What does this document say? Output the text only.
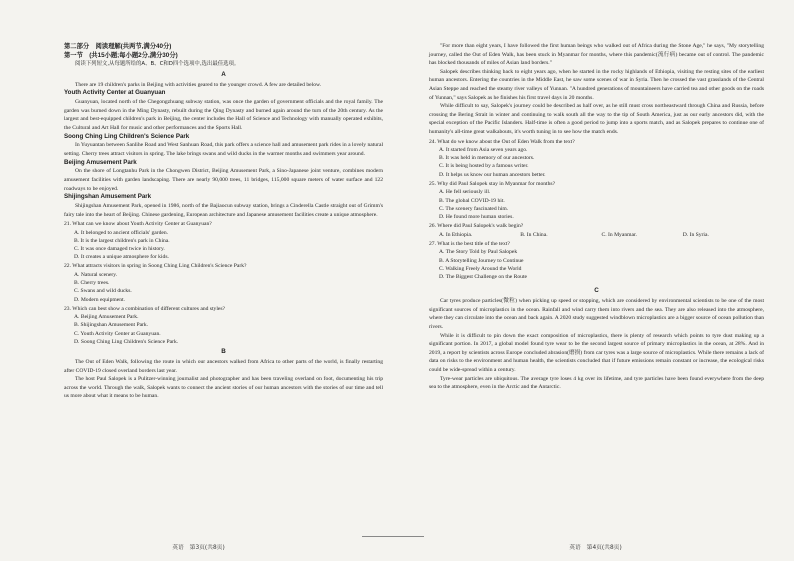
第二部分　阅读理解(共两节,满分40分)

第一节　(共15小题;每小题2分,满分30分)

阅读下列短文,从每题所给的A、B、C和D四个选项中,选出最佳选项。

A

There are 19 children's parks in Beijing with activities geared to the younger crowd. A few are detailed below.

Youth Activity Center at Guanyuan

Guanyuan, located north of the Chegongzhuang subway station, was once the garden of government officials and the royal family. The garden was burned down in the Ming Dynasty, rebuilt during the Qing Dynasty and burned again around the turn of the 20th century. As the largest and best-equipped children's park in Beijing, the center includes the Hall of Science and Technology with manually operated exhibits, the Cultural and Art Hall for music and other performances and the Sports Hall.

Soong Ching Ling Children's Science Park

In Yuyuantan between Sanlihe Road and West Sanhuan Road, this park offers a science hall and amusement park rides in a lovely natural setting. Cherry trees attract visitors in spring. The lake brings swans and wild ducks in the warmer months and swimmers year around.

Beijing Amusement Park

On the shore of Longtanhu Park in the Chongwen District, Beijing Amusement Park, a Sino-Japanese joint venture, combines modern amusement facilities with garden landscaping. There are nearly 90,000 trees, 11 bridges, 115,000 square meters of water surface and 122 roadways to be enjoyed.

Shijingshan Amusement Park

Shijingshan Amusement Park, opened in 1986, north of the Bajiaocun subway station, brings a Cinderella Castle straight out of Grimm's fairy tale into the heart of Beijing. Chinese gardening, European architecture and Japanese amusement facilities create a unique atmosphere.

21. What can we know about Youth Activity Center at Guanyuan?

A. It belonged to ancient officials' garden.

B. It is the largest children's park in China.

C. It was once damaged twice in history.

D. It creates a unique atmosphere for kids.

22. What attracts visitors in spring in Soong Ching Ling Children's Science Park?

A. Natural scenery.

B. Cherry trees.

C. Swans and wild ducks.

D. Modern equipment.

23. Which can best show a combination of different cultures and styles?

A. Beijing Amusement Park.

B. Shijingshan Amusement Park.

C. Youth Activity Center at Guanyuan.

D. Soong Ching Ling Children's Science Park.

B

The Out of Eden Walk, following the route in which our ancestors walked from Africa to other parts of the world, is finally restarting after COVID-19 closed overland borders last year.

The host Paul Salopek is a Pulitzer-winning journalist and photographer and has been traveling overland on foot, documenting his trip across the world. Through the walk, Salopek wants to connect the ancient stories of our human ancestors with the stories of our time and tell us more about what it means to be human.

英语　第3页(共8页)

"For more than eight years, I have followed the first human beings who walked out of Africa during the Stone Age," he says, "My storytelling journey, called the Out of Eden Walk, has been stuck in Myanmar for months, where this pandemic(流行病) became out of control. The pandemic has blocked thousands of miles of Asian land borders."

Salopek describes thinking back to eight years ago, when he started in the rocky highlands of Ethiopia, visiting the resting sites of the earliest human ancestors. Entering the countries in the Middle East, he saw some scenes of war in Syria. Then he crossed the vast grasslands of the Central Asian Steppe and reached the steamy river valleys of Yunnan. "A hundred generations of mountaineers have carried tea and other goods on the roads of Yunnan," says Salopek as he finishes his first travel days in 20 months.

While difficult to say, Salopek's journey could be described as half over, as he still must cross northeastward through China and Russia, before crossing the Bering Strait in winter and continuing to walk south all the way to the tip of South America, just as our early ancestors did, with the special exception of the Pacific Islanders. Half-time is often a good period to jump into a sports match, and as Salopek prepares to continue one of humanity's all-time great walkabouts, it's worth tuning in to see how the match ends.

24. What do we know about the Out of Eden Walk from the text?

A. It started from Asia seven years ago.

B. It was held in memory of our ancestors.

C. It is being hosted by a famous writer.

D. It helps us know our human ancestors better.

25. Why did Paul Salopek stay in Myanmar for months?

A. He fell seriously ill.

B. The global COVID-19 hit.

C. The scenery fascinated him.

D. He found more human stories.

26. Where did Paul Salopek's walk begin?

A. In Ethiopia.	B. In China.	C. In Myanmar.	D. In Syria.

27. What is the best title of the text?

A. The Story Told by Paul Salopek

B. A Storytelling Journey to Continue

C. Walking Freely Around the World

D. The Biggest Challenge on the Route

C

Car tyres produce particles(微粒) when picking up speed or stopping, which are considered by environmental scientists to be one of the most significant sources of microplastics in the ocean. Rainfall and wind carry them into rivers and the sea. They are also released into the atmosphere, where they can circulate into the ocean and back again. A 2020 study suggested windblown microplastics are a bigger source of ocean pollution than rivers.

While it is difficult to pin down the exact composition of microplastics, there is plenty of research which points to tyre dust making up a significant portion. In 2017, a global model found tyre wear to be the second largest source of primary microplastics in the ocean, at 28%. And in 2019, a report by scientists across Europe concluded abrasion(磨损) from car tyres was a large source of microplastics. While there remains a lack of data on risks to the environment and human health, the scientists concluded that if future emissions remain constant or increase, the ecological risks could be wide-spread within a century.

Tyre-wear particles are ubiquitous. The average tyre loses 4 kg over its lifetime, and tyre particles have been found everywhere from the deep sea to the atmosphere, even in the Arctic and the Antarctic.

英语　第4页(共8页)
